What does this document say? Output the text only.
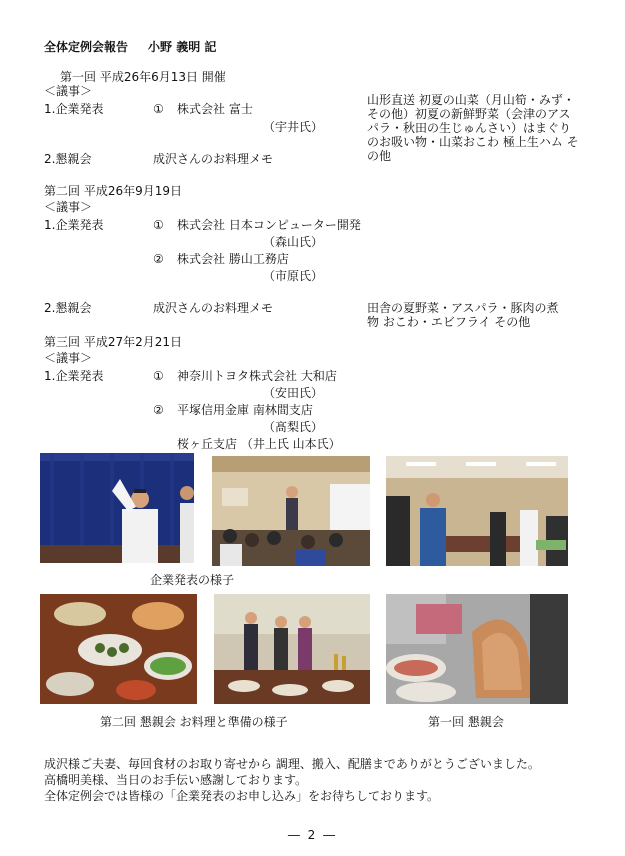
全体定例会報告 小野 義明 記
第一回 平成26年6月13日 開催
＜議事＞
1.企業発表	① 株式会社 富士
（宇井氏）
2.懇親会	成沢さんのお料理メモ
山形直送 初夏の山菜（月山筍・みず・その他）初夏の新鮮野菜（会津のアスパラ・秋田の生じゅんさい）はまぐりのお吸い物・山菜おこわ 極上生ハム その他
第二回 平成26年9月19日
＜議事＞
1.企業発表	① 株式会社 日本コンピューター開発
（森山氏）
② 株式会社 勝山工務店
（市原氏）
2.懇親会	成沢さんのお料理メモ	田舎の夏野菜・アスパラ・豚肉の煮物 おこわ・エビフライ その他
第三回 平成27年2月21日
＜議事＞
1.企業発表	① 神奈川トヨタ株式会社 大和店
（安田氏）
② 平塚信用金庫 南林間支店
（髙梨氏）
桜ヶ丘支店 （井上氏 山本氏）
企業発表の様子
第二回 懇親会 お料理と準備の様子	第一回 懇親会
成沢様ご夫妻、毎回食材のお取り寄せから 調理、搬入、配膳までありがとうございました。
高橋明美様、当日のお手伝い感謝しております。
全体定例会では皆様の「企業発表のお申し込み」をお待ちしております。
― 2 ―
